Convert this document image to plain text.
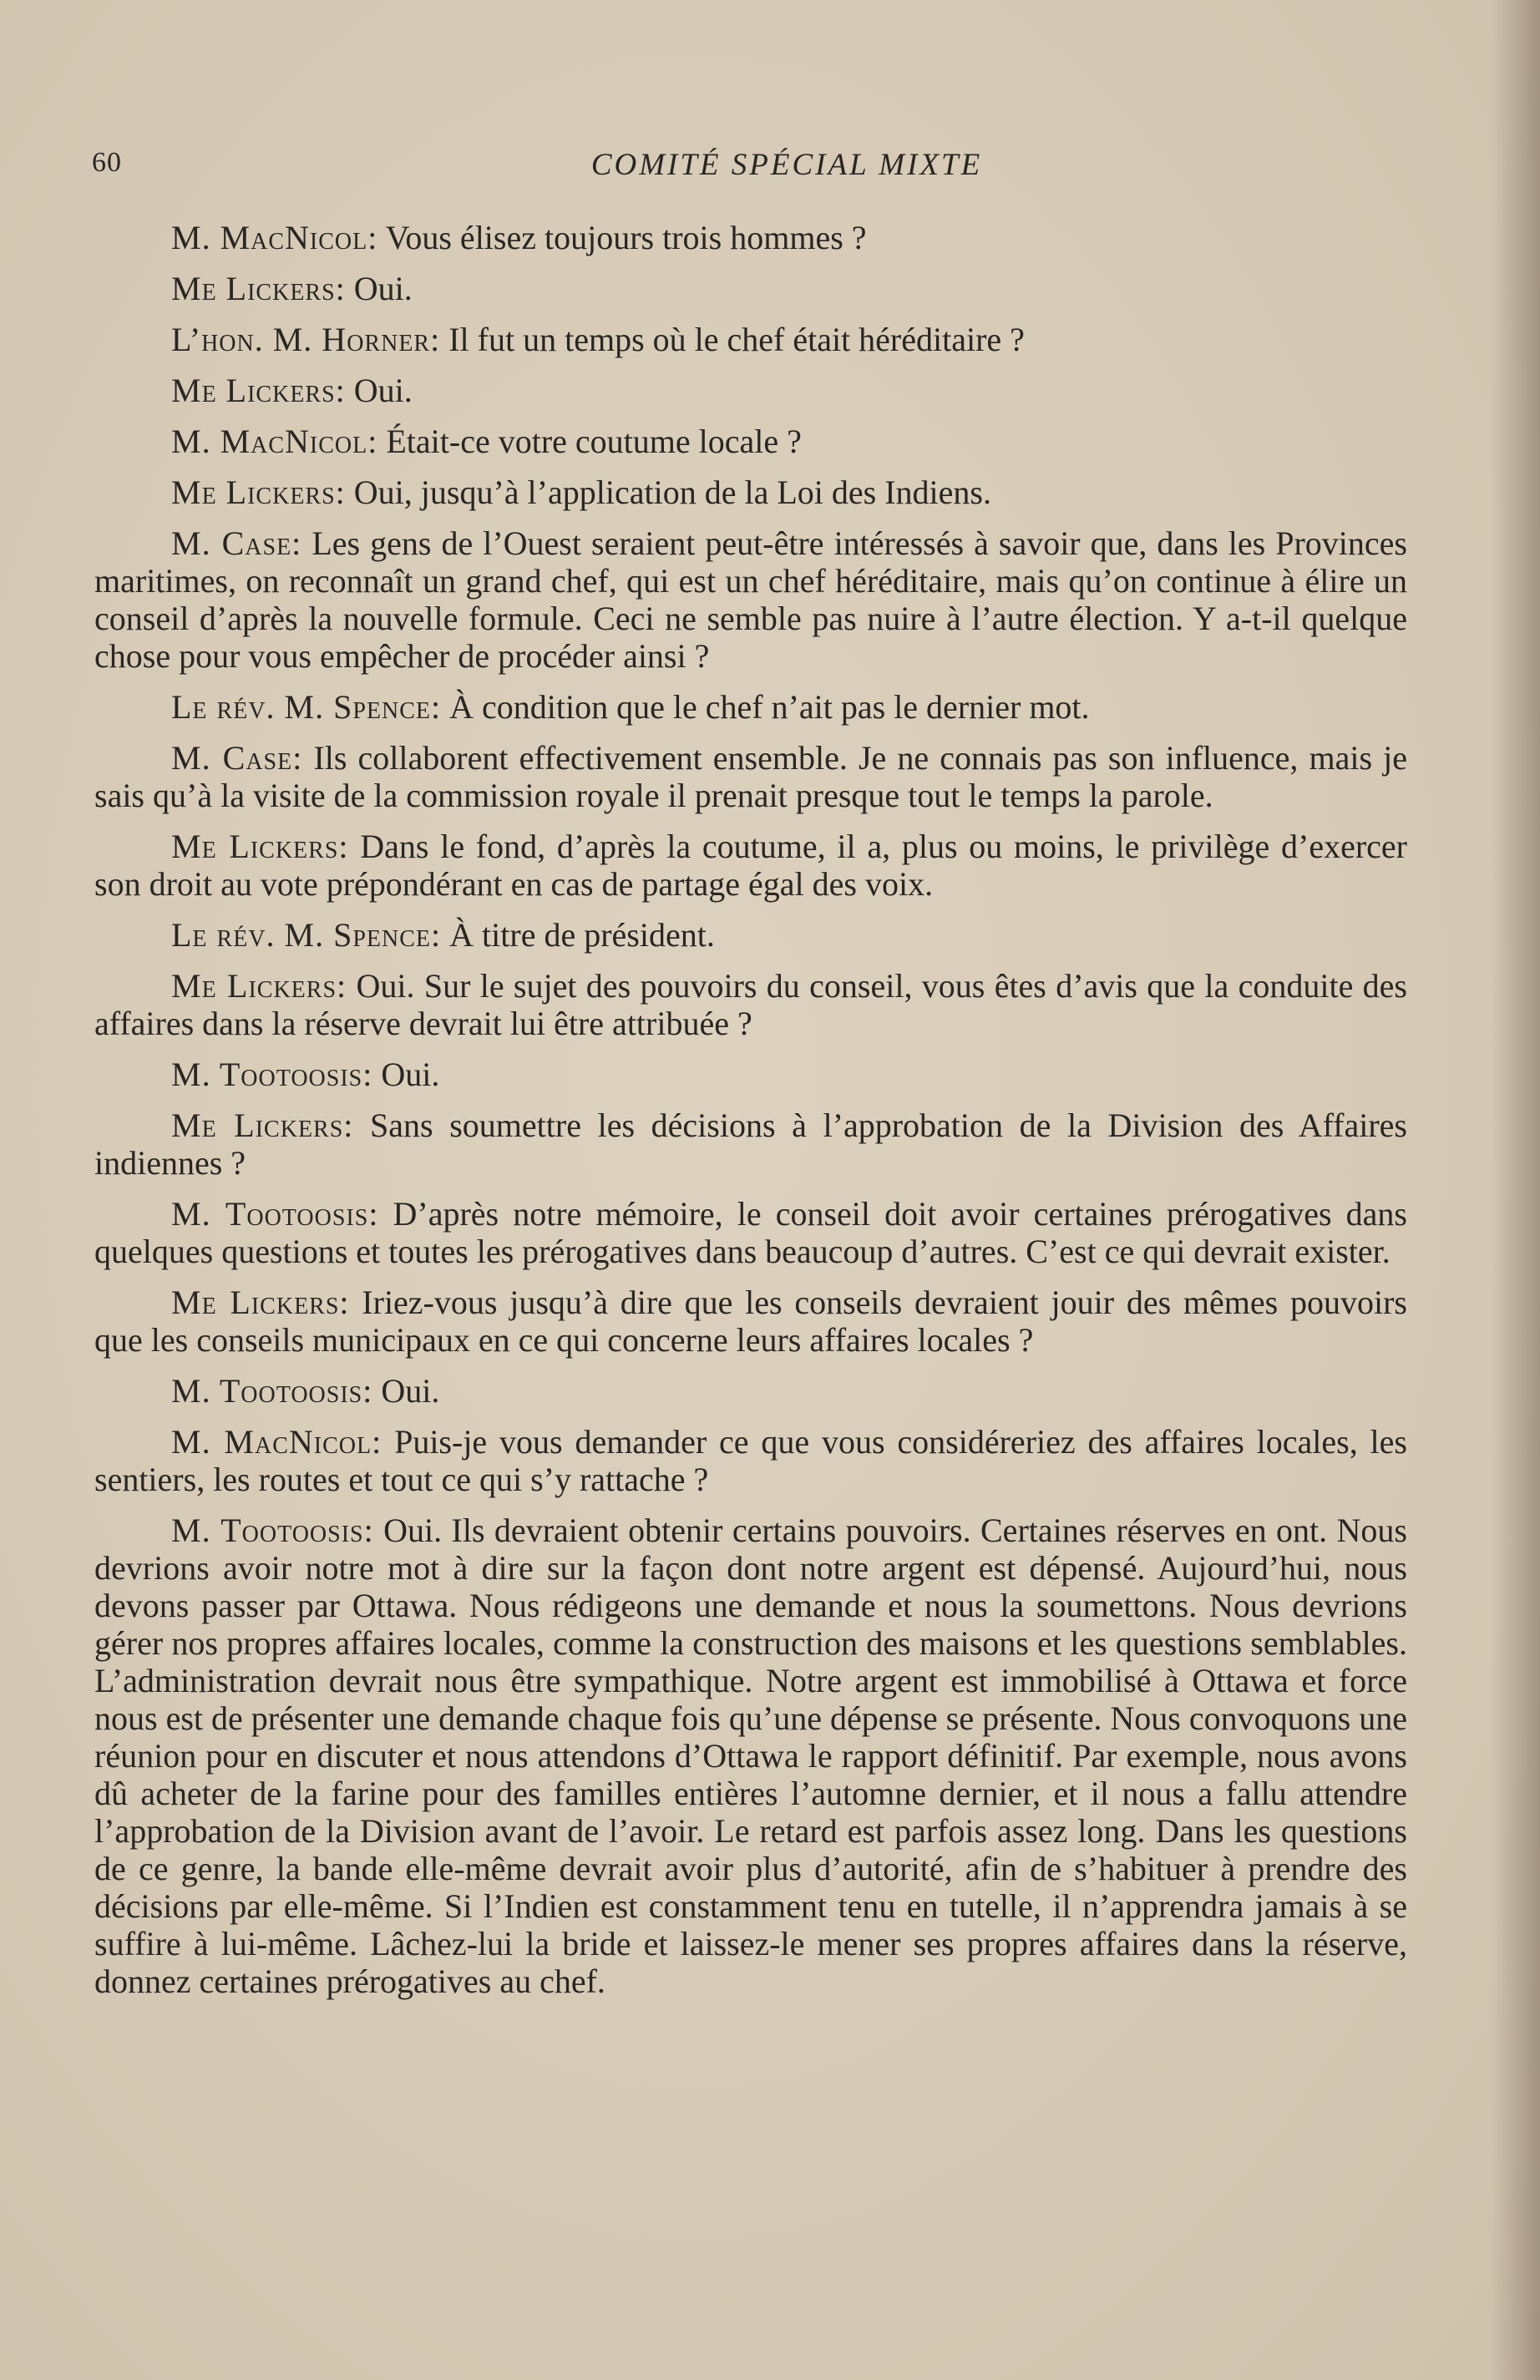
60	COMITÉ SPÉCIAL MIXTE

M. MacNicol: Vous élisez toujours trois hommes ?

Me Lickers: Oui.

L’hon. M. Horner: Il fut un temps où le chef était héréditaire ?

Me Lickers: Oui.

M. MacNicol: Était-ce votre coutume locale ?

Me Lickers: Oui, jusqu’à l’application de la Loi des Indiens.

M. Case: Les gens de l’Ouest seraient peut-être intéressés à savoir que, dans les Provinces maritimes, on reconnaît un grand chef, qui est un chef héréditaire, mais qu’on continue à élire un conseil d’après la nouvelle formule. Ceci ne semble pas nuire à l’autre élection. Y a-t-il quelque chose pour vous empêcher de procéder ainsi ?

Le rév. M. Spence: À condition que le chef n’ait pas le dernier mot.

M. Case: Ils collaborent effectivement ensemble. Je ne connais pas son influence, mais je sais qu’à la visite de la commission royale il prenait presque tout le temps la parole.

Me Lickers: Dans le fond, d’après la coutume, il a, plus ou moins, le privilège d’exercer son droit au vote prépondérant en cas de partage égal des voix.

Le rév. M. Spence: À titre de président.

Me Lickers: Oui. Sur le sujet des pouvoirs du conseil, vous êtes d’avis que la conduite des affaires dans la réserve devrait lui être attribuée ?

M. Tootoosis: Oui.

Me Lickers: Sans soumettre les décisions à l’approbation de la Division des Affaires indiennes ?

M. Tootoosis: D’après notre mémoire, le conseil doit avoir certaines prérogatives dans quelques questions et toutes les prérogatives dans beaucoup d’autres. C’est ce qui devrait exister.

Me Lickers: Iriez-vous jusqu’à dire que les conseils devraient jouir des mêmes pouvoirs que les conseils municipaux en ce qui concerne leurs affaires locales ?

M. Tootoosis: Oui.

M. MacNicol: Puis-je vous demander ce que vous considéreriez des affaires locales, les sentiers, les routes et tout ce qui s’y rattache ?

M. Tootoosis: Oui. Ils devraient obtenir certains pouvoirs. Certaines réserves en ont. Nous devrions avoir notre mot à dire sur la façon dont notre argent est dépensé. Aujourd’hui, nous devons passer par Ottawa. Nous rédigeons une demande et nous la soumettons. Nous devrions gérer nos propres affaires locales, comme la construction des maisons et les questions semblables. L’administration devrait nous être sympathique. Notre argent est immobilisé à Ottawa et force nous est de présenter une demande chaque fois qu’une dépense se présente. Nous convoquons une réunion pour en discuter et nous attendons d’Ottawa le rapport définitif. Par exemple, nous avons dû acheter de la farine pour des familles entières l’automne dernier, et il nous a fallu attendre l’approbation de la Division avant de l’avoir. Le retard est parfois assez long. Dans les questions de ce genre, la bande elle-même devrait avoir plus d’autorité, afin de s’habituer à prendre des décisions par elle-même. Si l’Indien est constamment tenu en tutelle, il n’apprendra jamais à se suffire à lui-même. Lâchez-lui la bride et laissez-le mener ses propres affaires dans la réserve, donnez certaines prérogatives au chef.
